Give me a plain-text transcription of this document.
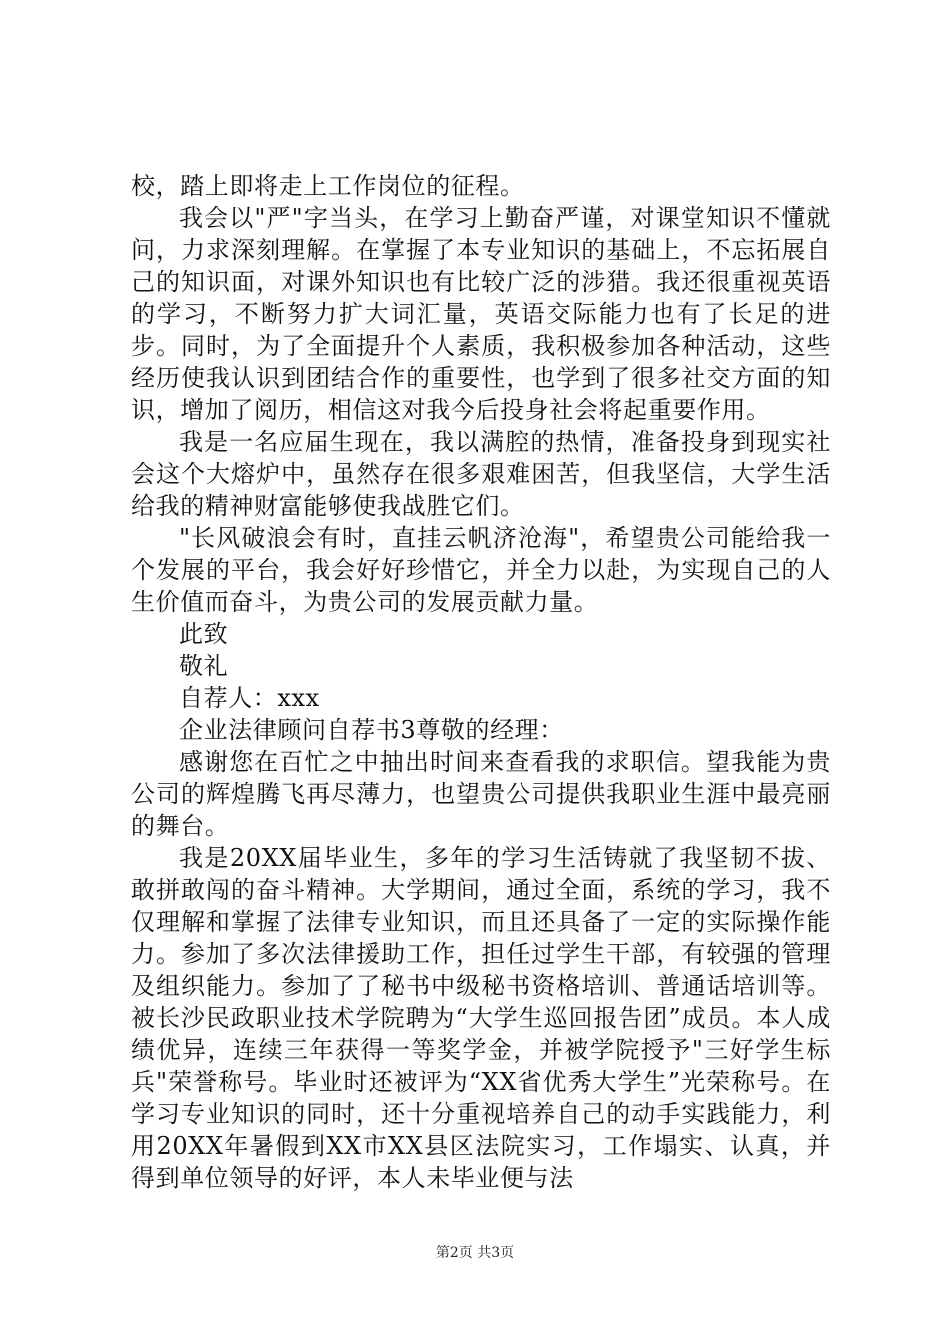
校，踏上即将走上工作岗位的征程。

我会以"严"字当头，在学习上勤奋严谨，对课堂知识不懂就问，力求深刻理解。在掌握了本专业知识的基础上，不忘拓展自己的知识面，对课外知识也有比较广泛的涉猎。我还很重视英语的学习，不断努力扩大词汇量，英语交际能力也有了长足的进步。同时，为了全面提升个人素质，我积极参加各种活动，这些经历使我认识到团结合作的重要性，也学到了很多社交方面的知识，增加了阅历，相信这对我今后投身社会将起重要作用。

我是一名应届生现在，我以满腔的热情，准备投身到现实社会这个大熔炉中，虽然存在很多艰难困苦，但我坚信，大学生活给我的精神财富能够使我战胜它们。

"长风破浪会有时，直挂云帆济沧海"，希望贵公司能给我一个发展的平台，我会好好珍惜它，并全力以赴，为实现自己的人生价值而奋斗，为贵公司的发展贡献力量。

此致

敬礼

自荐人：xxx

企业法律顾问自荐书3尊敬的经理：

感谢您在百忙之中抽出时间来查看我的求职信。望我能为贵公司的辉煌腾飞再尽薄力，也望贵公司提供我职业生涯中最亮丽的舞台。

我是20XX届毕业生，多年的学习生活铸就了我坚韧不拔、敢拼敢闯的奋斗精神。大学期间，通过全面，系统的学习，我不仅理解和掌握了法律专业知识，而且还具备了一定的实际操作能力。参加了多次法律援助工作，担任过学生干部，有较强的管理及组织能力。参加了了秘书中级秘书资格培训、普通话培训等。被长沙民政职业技术学院聘为“大学生巡回报告团”成员。本人成绩优异，连续三年获得一等奖学金，并被学院授予"三好学生标兵"荣誉称号。毕业时还被评为“XX省优秀大学生”光荣称号。在学习专业知识的同时，还十分重视培养自己的动手实践能力，利用20XX年暑假到XX市XX县区法院实习，工作塌实、认真，并得到单位领导的好评，本人未毕业便与法

第2页 共3页
